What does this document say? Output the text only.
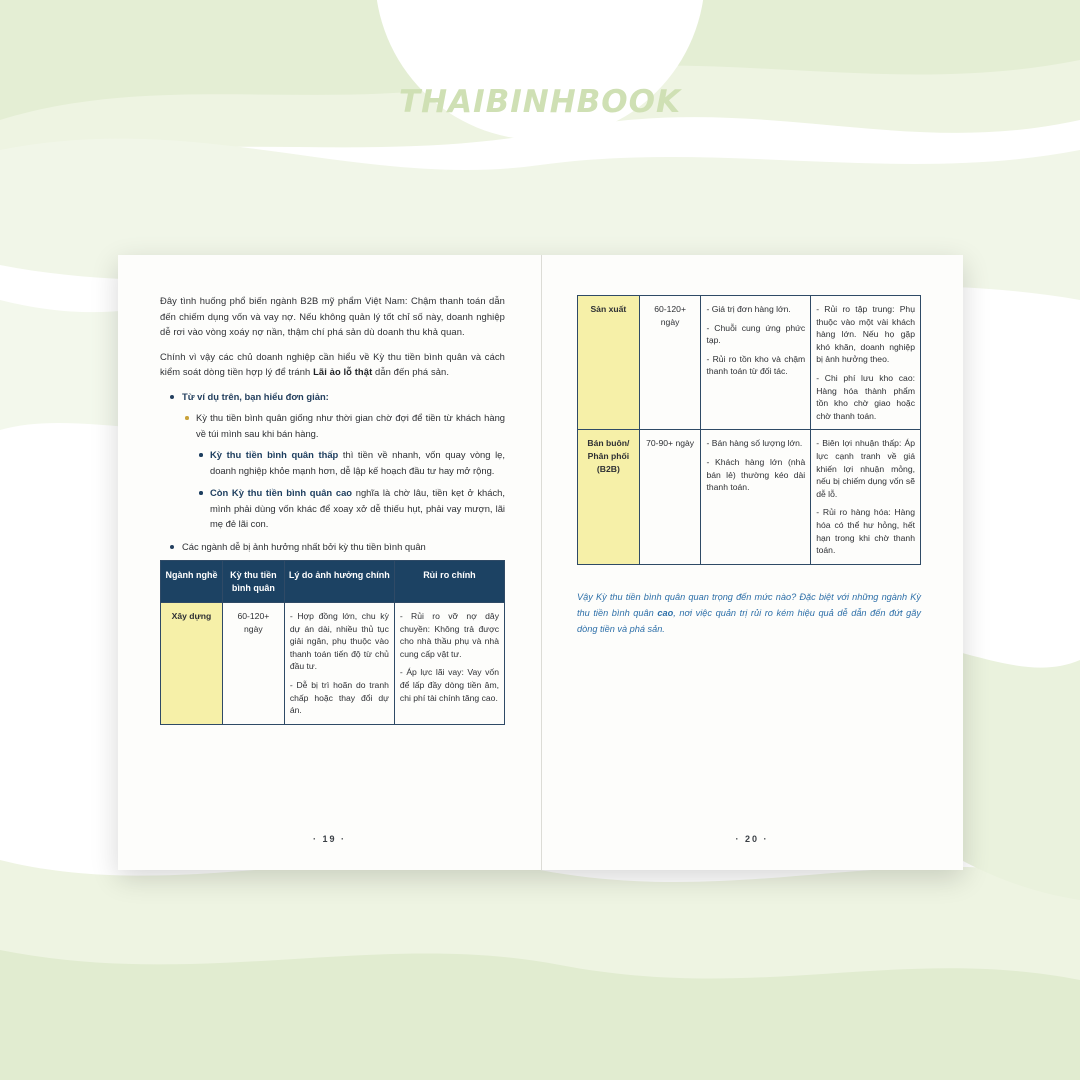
THAIBINHBOOK

Đây tình huống phổ biến ngành B2B mỹ phẩm Việt Nam: Chậm thanh toán dẫn đến chiếm dụng vốn và vay nợ. Nếu không quản lý tốt chỉ số này, doanh nghiệp dễ rơi vào vòng xoáy nợ nần, thậm chí phá sản dù doanh thu khả quan.

Chính vì vậy các chủ doanh nghiệp cần hiểu về Kỳ thu tiền bình quân và cách kiểm soát dòng tiền hợp lý để tránh Lãi ảo lỗ thật dẫn đến phá sản.

Từ ví dụ trên, bạn hiểu đơn giản:
Kỳ thu tiền bình quân giống như thời gian chờ đợi để tiền từ khách hàng về túi mình sau khi bán hàng.
Kỳ thu tiền bình quân thấp thì tiền về nhanh, vốn quay vòng lẹ, doanh nghiệp khỏe mạnh hơn, dễ lập kế hoạch đầu tư hay mở rộng.
Còn Kỳ thu tiền bình quân cao nghĩa là chờ lâu, tiền kẹt ở khách, mình phải dùng vốn khác để xoay xở dễ thiếu hụt, phải vay mượn, lãi mẹ đẻ lãi con.
Các ngành dễ bị ảnh hưởng nhất bởi kỳ thu tiền bình quân
Ngành nghề	Kỳ thu tiền bình quân	Lý do ảnh hưởng chính	Rủi ro chính
Xây dựng	60-120+ ngày	- Hợp đồng lớn, chu kỳ dự án dài, nhiều thủ tục giải ngân, phụ thuộc vào thanh toán tiến độ từ chủ đầu tư.
- Dễ bị trì hoãn do tranh chấp hoặc thay đổi dự án.	- Rủi ro vỡ nợ dây chuyền: Không trả được cho nhà thầu phụ và nhà cung cấp vật tư.
- Áp lực lãi vay: Vay vốn để lấp đầy dòng tiền âm, chi phí tài chính tăng cao.
· 19 ·
Sản xuất	60-120+ ngày	- Giá trị đơn hàng lớn.
- Chuỗi cung ứng phức tạp.
- Rủi ro tồn kho và chậm thanh toán từ đối tác.	- Rủi ro tập trung: Phụ thuộc vào một vài khách hàng lớn. Nếu họ gặp khó khăn, doanh nghiệp bị ảnh hưởng theo.
- Chi phí lưu kho cao: Hàng hóa thành phẩm tồn kho chờ giao hoặc chờ thanh toán.

Bán buôn/ Phân phối (B2B)	70-90+ ngày	- Bán hàng số lượng lớn.
- Khách hàng lớn (nhà bán lẻ) thường kéo dài thanh toán.	- Biên lợi nhuận thấp: Áp lực cạnh tranh về giá khiến lợi nhuận mỏng, nếu bị chiếm dụng vốn sẽ dễ lỗ.
- Rủi ro hàng hóa: Hàng hóa có thể hư hỏng, hết hạn trong khi chờ thanh toán.

Vậy Kỳ thu tiền bình quân quan trọng đến mức nào? Đặc biệt với những ngành Kỳ thu tiền bình quân cao, nơi việc quản trị rủi ro kém hiệu quả dễ dẫn đến đứt gãy dòng tiền và phá sản.

· 20 ·
